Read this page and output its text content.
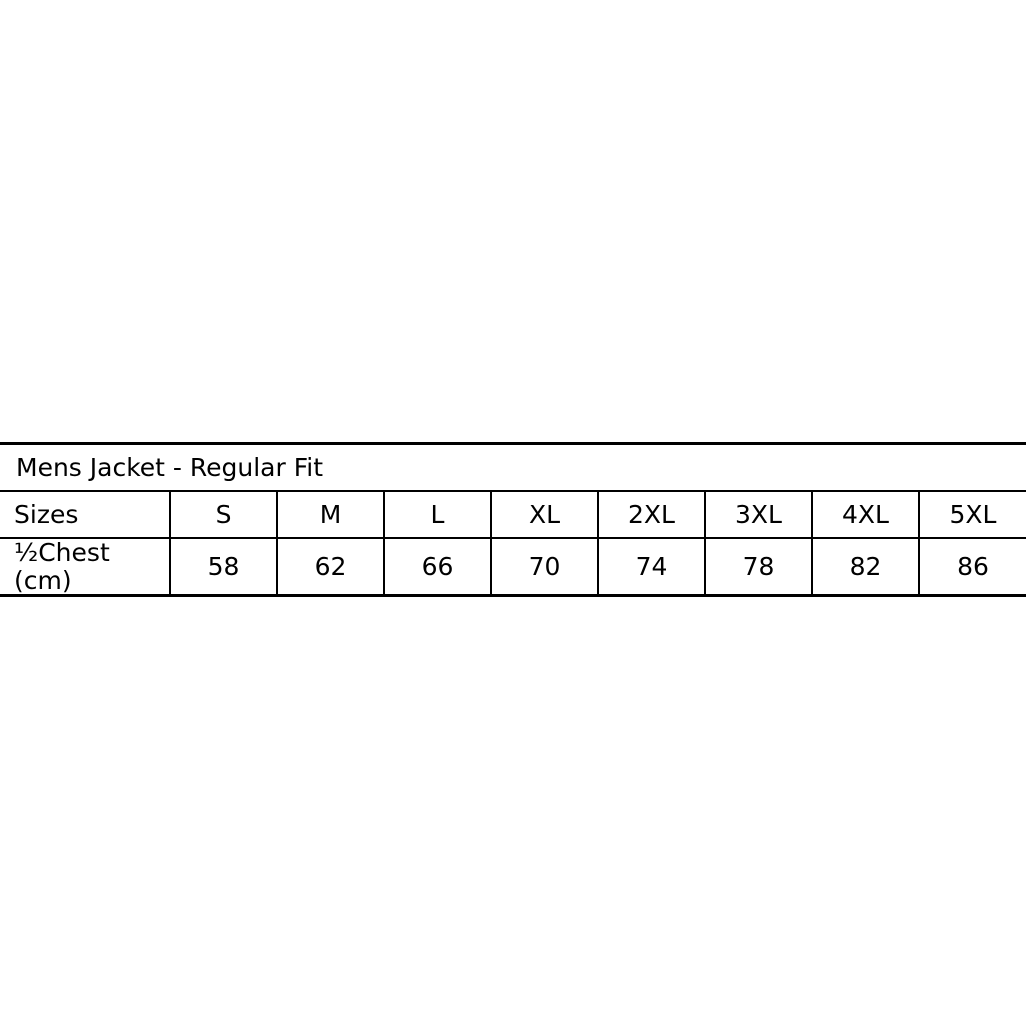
Mens Jacket - Regular Fit								
Sizes	S	M	L	XL	2XL	3XL	4XL	5XL
½Chest (cm)	58	62	66	70	74	78	82	86
